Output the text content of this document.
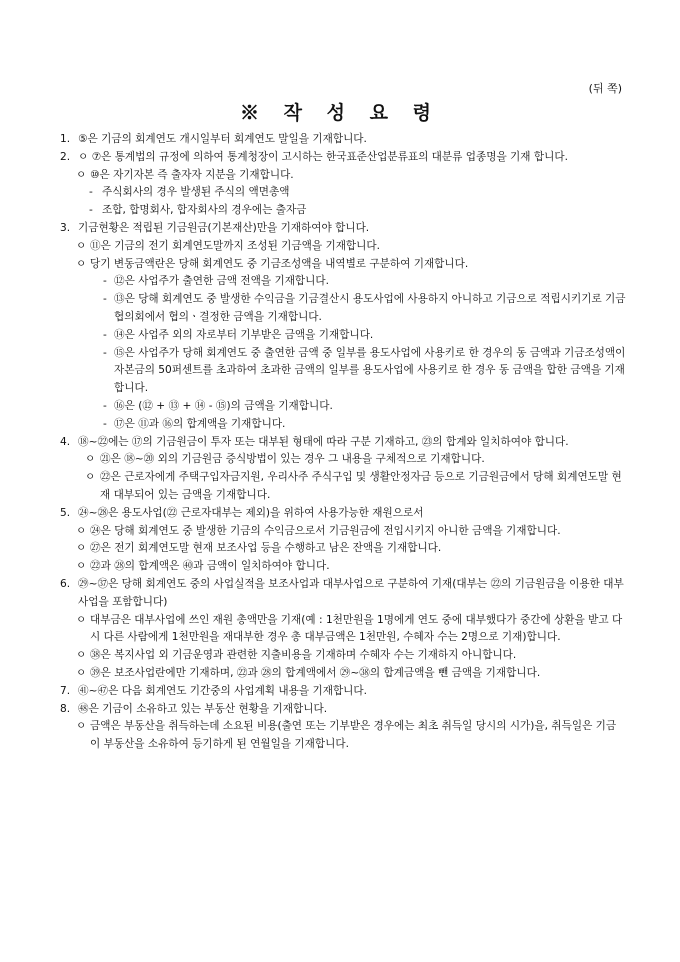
(뒤 쪽)
※ 작 성 요 령
1. ⑤은 기금의 회계연도 개시일부터 회계연도 말일을 기재합니다.
2. ㅇ ⑦은 통계법의 규정에 의하여 통계청장이 고시하는 한국표준산업분류표의 대분류 업종명을 기재 합니다.
ㅇ ⑩은 자기자본 즉 출자자 지분을 기재합니다.
- 주식회사의 경우 발생된 주식의 액면총액
- 조합, 합명회사, 합자회사의 경우에는 출자금
3. 기금현황은 적립된 기금원금(기본재산)만을 기재하여야 합니다.
ㅇ ⑪은 기금의 전기 회계연도말까지 조성된 기금액을 기재합니다.
ㅇ 당기 변동금액란은 당해 회계연도 중 기금조성액을 내역별로 구분하여 기재합니다.
- ⑫은 사업주가 출연한 금액 전액을 기재합니다.
- ⑬은 당해 회계연도 중 발생한 수익금을 기금결산시 용도사업에 사용하지 아니하고 기금으로 적립시키기로 기금협의회에서 협의ㆍ결정한 금액을 기재합니다.
- ⑭은 사업주 외의 자로부터 기부받은 금액을 기재합니다.
- ⑮은 사업주가 당해 회계연도 중 출연한 금액 중 일부를 용도사업에 사용키로 한 경우의 동 금액과 기금조성액이 자본금의 50퍼센트를 초과하여 초과한 금액의 일부를 용도사업에 사용키로 한 경우 동 금액을 합한 금액을 기재합니다.
- ⑯은 (⑫ + ⑬ + ⑭ - ⑮)의 금액을 기재합니다.
- ⑰은 ⑪과 ⑯의 합계액을 기재합니다.
4. ⑱~㉒에는 ⑰의 기금원금이 투자 또는 대부된 형태에 따라 구분 기재하고, ㉓의 합계와 일치하여야 합니다.
ㅇ ㉑은 ⑱~⑳ 외의 기금원금 증식방법이 있는 경우 그 내용을 구체적으로 기재합니다.
ㅇ ㉒은 근로자에게 주택구입자금지원, 우리사주 주식구입 및 생활안정자금 등으로 기금원금에서 당해 회계연도말 현재 대부되어 있는 금액을 기재합니다.
5. ㉔~㉘은 용도사업(㉒ 근로자대부는 제외)을 위하여 사용가능한 재원으로서
ㅇ ㉔은 당해 회계연도 중 발생한 기금의 수익금으로서 기금원금에 전입시키지 아니한 금액을 기재합니다.
ㅇ ㉗은 전기 회계연도말 현재 보조사업 등을 수행하고 남은 잔액을 기재합니다.
ㅇ ㉒과 ㉘의 합계액은 ㊵과 금액이 일치하여야 합니다.
6. ㉙~㊲은 당해 회계연도 중의 사업실적을 보조사업과 대부사업으로 구분하여 기재(대부는 ㉒의 기금원금을 이용한 대부사업을 포함합니다)
ㅇ 대부금은 대부사업에 쓰인 재원 총액만을 기재(예 : 1천만원을 1명에게 연도 중에 대부했다가 중간에 상환을 받고 다시 다른 사람에게 1천만원을 재대부한 경우 총 대부금액은 1천만원, 수혜자 수는 2명으로 기재)합니다.
ㅇ ㊳은 복지사업 외 기금운영과 관련한 지출비용을 기재하며 수혜자 수는 기재하지 아니합니다.
ㅇ ㊴은 보조사업란에만 기재하며, ㉒과 ㉘의 합계액에서 ㉙~㊳의 합계금액을 뺀 금액을 기재합니다.
7. ㊶~㊼은 다음 회계연도 기간중의 사업계획 내용을 기재합니다.
8. ㊽은 기금이 소유하고 있는 부동산 현황을 기재합니다.
ㅇ 금액은 부동산을 취득하는데 소요된 비용(출연 또는 기부받은 경우에는 최초 취득일 당시의 시가)을, 취득일은 기금이 부동산을 소유하여 등기하게 된 연월일을 기재합니다.
